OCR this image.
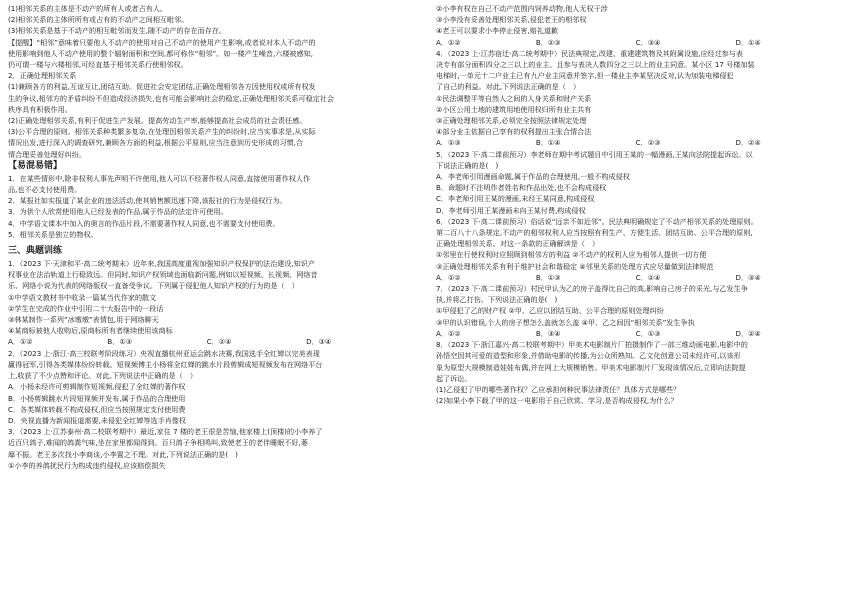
(1)相邻关系的主体是不动产的所有人或者占有人。
(2)相邻关系的主体所所有或占有的不动产之间相互毗邻。
(3)相邻关系是基于不动产的相互毗邻而发生,随不动产的存在而存在。
【提醒】“相邻”意味着只要他人不动产的使用对自己不动产的使用产生影响,或者说对本人不动产的
使用影响到他人不动产使用的整个辐射面积和空间,都可称作“相邻”。如一楼产生噪音,六楼被感知,
仍可谓一楼与六楼相邻,可经直基于相邻关系行使相邻权。
2．正确处理相邻关系
(1)兼顾各方的利益,互谅互让,团结互助。促进社会安定团结,正确处理相邻各方因使用权或所有权发
生的争议,相邻方的矛盾纠纷不但造成经济损失,也有可能会影响社会的稳定,正确处理相邻关系可稳定社会
秩序具有积极作用。
(2)正确处理相邻关系,有利于促进生产发展。提高劳动生产率,能够提高社会成员的社会责任感。
(3)公平合理的原则。相邻关系种类繁多复杂,在处理因相邻关系产生的纠纷时,应当实事求是,从实际
情况出发,进行深入的调查研究,兼顾各方面的利益,根据公平原则,应当注意到历史形成的习惯,合
情合理妥善处理好纠纷。
【易混易错】
1．在某些情形中,除非权利人事先声明不许使用,他人可以不经著作权人同意,直接使用著作权人作
品,也不必支付使用费。
2．某报社如实报道了某企业的违法活动,使其销售额迅速下降,该报社的行为是侵权行为。
3．为供个人欣赏使用他人已经发表的作品,属于作品的法定许可使用。
4．中学语文课本中加入的奥言的作品片段,不需要著作权人同意,也不需要支付使用费。
5．相邻关系是独立的物权。
三、典题训练
1．（2023 下·天津和平·高二统考期末）近年来,我国高度重视加强知识产权保护的法治建设,知识产
权事业在法治轨道上行稳致远。但同时,知识产权领域也面临新问题,例如以短视频、长视频、网络音
乐、网络小说为代表的网络版权一直备受争议。下列属于侵犯他人知识产权的行为的是（　）
①中学语文教材书中收录一篇某当代作家的散文
②学生在完成的作业中引用二十大报告中的一段话
③林某制作一系列“冰墩墩”表情包,用于网络聊天
④某商标被他人收购后,原商标所有者继续使用该商标
A．①②	B．①③	C．②④	D．③④
2．（2023 上·浙江·高三校联考阶段练习）央视直播杭州亚运会跳水决赛,我国选手全红婵以完美表现
赢得冠军,引得各类媒体纷纷转载。短视频博主小杨将全红婵的跳水片段剪辑成短视频发布在网络平台
上,收获了不少点赞和评论。对此,下列说法中正确的是（　）
A．小杨未经许可剪辑制作短视频,侵犯了全红婵的著作权
B．小杨剪辑跳水片段短视频并发布,属于作品的合理使用
C．各类媒体转载不构成侵权,但应当按照规定支付使用费
D．央视直播为新闻报道需要,未侵犯全红婵等选手肖像权
3．（2023 上·江苏泰州·高二校联考期中）最近,家住 7 楼的老王很是苦恼,他家楼上(顶楼)的小李养了
近百只鸽子,难闻的鸽粪气味,坐在家里都闻得到。百只鸽子争相鸣叫,致使老王的老伴睡眠不好,萎
靡不振。老王多次找小李商谈,小李置之不理。对此,下列说法正确的是(　)
①小李的养鸽扰民行为构成违约侵权,应该赔偿损失
②小李有权在自己不动产范围内饲养动物,他人无权干涉
③小李没有妥善处理相邻关系,侵犯老王的相邻权
④老王可以要求小李停止侵害,赔礼道歉
A．①②	B．②③	C．③④	D．①④
4．（2023 上·江苏宿迁·高二统考期中）民法典规定,改建、重建建筑物及其附属设施,应经过参与表
决专有部分面积四分之三以上的业主、且参与表决人数四分之三以上的业主同意。某小区 17 号楼加装
电梯时,一单元十二户业主已有九户业主同意并签字,但一楼业主李某坚决反对,认为加装电梯侵犯
了自己的利益。对此,下列说法正确的是（　）
①民法调整平等自然人之间的人身关系和财产关系
②小区公用土地的建筑用地使用权归所有业主共有
③正确处理相邻关系,必须完全按照法律规定处理
④部分业主依据自己享有的权利提出主张合情合法
A．①③	B．①④	C．②③	D．②④
5．（2023 下·高二课前预习）李老师在期中考试题目中引用王某的一幅漫画,王某向法院提起诉讼。以
下说法正确的是(　)
A．李老师引用漫画命题,属于作品的合理使用,一般不构成侵权
B．命题时不注明作者姓名和作品出处,也不会构成侵权
C．李老师引用王某的漫画,未经王某同意,构成侵权
D．李老师引用王某漫画未向王某付费,构成侵权
6．（2023 下·高二课前预习）俗话说“远亲不如近邻”。民法典明确规定了不动产相邻关系的处理原则。
第二百八十八条规定,不动产的相邻权利人应当按照有利生产、方便生活、团结互助、公平合理的原则,
正确处理相邻关系。对这一条款的正确解读是（　）
①邻里在行使权利时应照顾到相邻方的利益 ②不动产的权利人应为相邻人提供一切方便
③正确处理相邻关系有利于维护社会和谐稳定 ④邻里关系的处理方式应尽量做到法律规范
A．①②	B．①③	C．②④	D．③④
7．（2023 下·高二课前预习）村民甲认为乙的房子盖得比自己的高,影响自己房子的采光,与乙发生争
执,并将乙打伤。下列说法正确的是(　)
①甲侵犯了乙的财产权 ②甲、乙应以团结互助、公平合理的原则处理纠纷
③甲的认识错误,个人的房子想怎么盖就怎么盖 ④甲、乙之间因“相邻关系”发生争执
A．①②	B．③④	C．①③	D．②④
8．（2023 下·浙江嘉兴·高二校联考期中）甲美术电影制片厂拍摄制作了一部三维动画电影,电影中的
孙悟空因其可爱的造型和形象,并借助电影的传播,为公众所熟知。乙文化创意公司未经许可,以该形
象为原型大规模制造娃娃布偶,并在网上大规模销售。甲美术电影制片厂发现该情况后,立即向法院提
起了诉讼。
(1)乙侵犯了甲的哪些著作权？乙应承担何种民事法律责任？具体方式是哪些？
(2)如果小李下载了甲的这一电影用于自己欣赏、学习,是否构成侵权,为什么？
